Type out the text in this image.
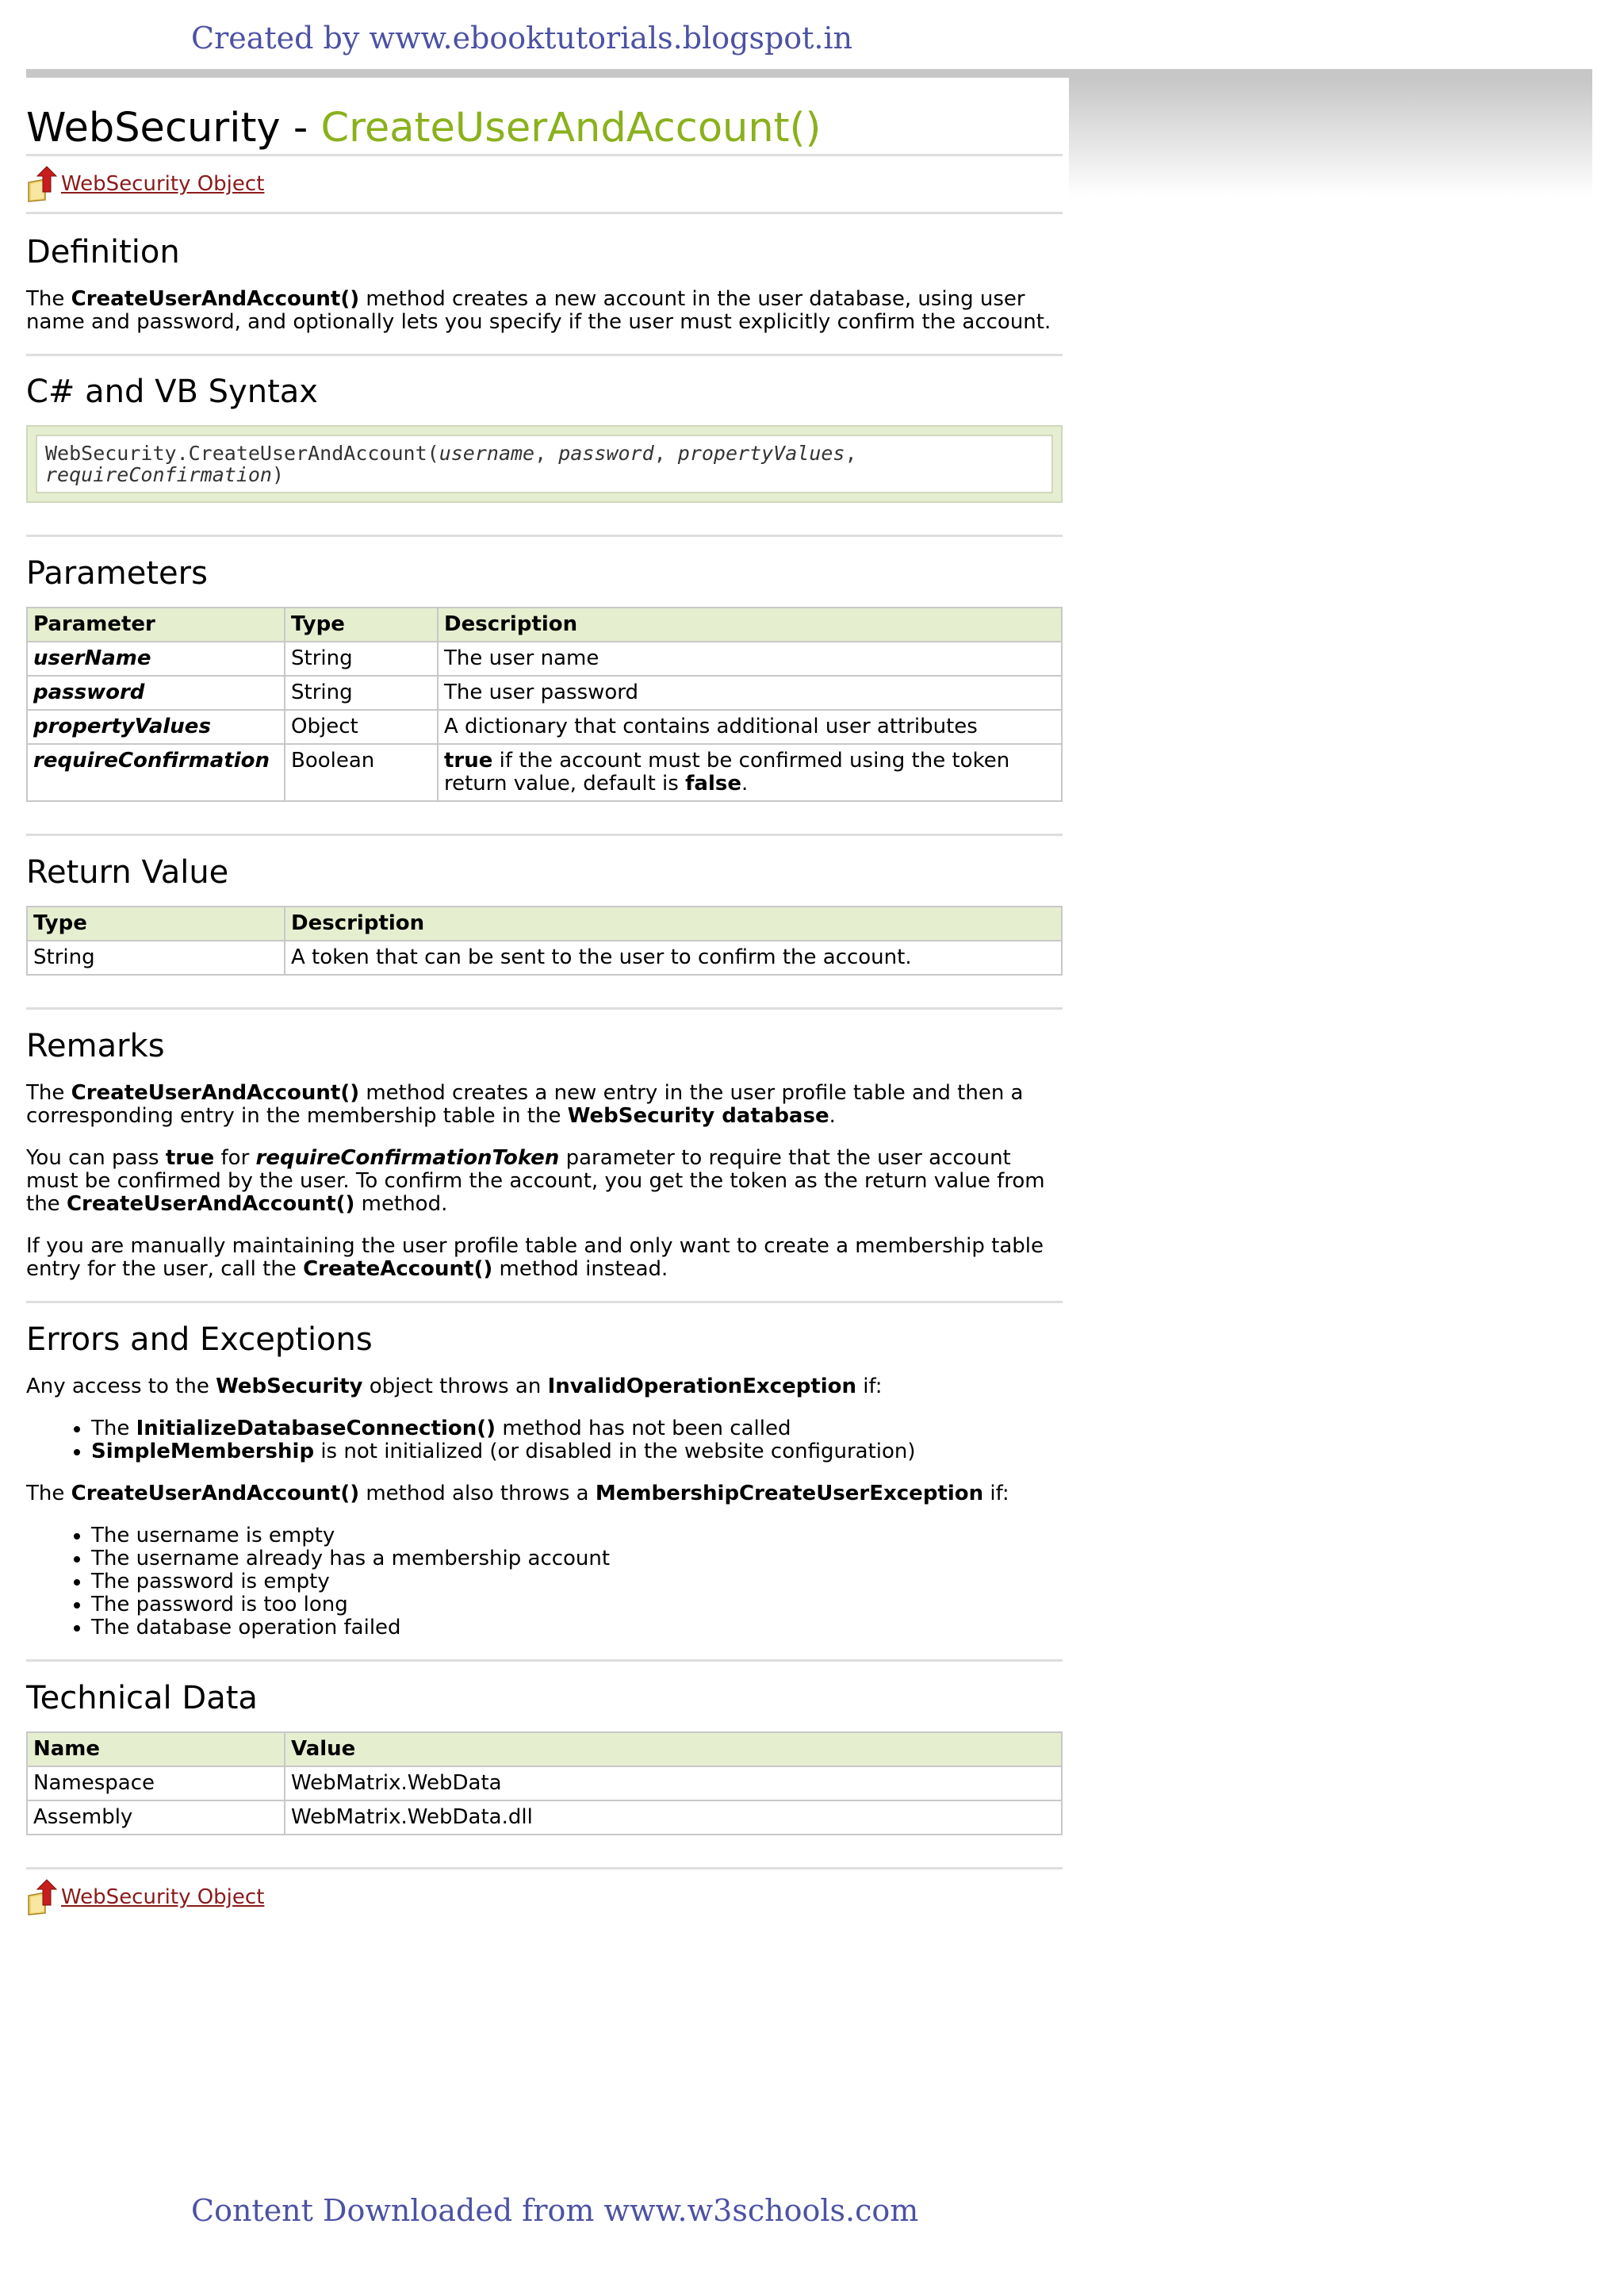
Created by www.ebooktutorials.blogspot.in
WebSecurity - CreateUserAndAccount()
WebSecurity Object
Definition

The CreateUserAndAccount() method creates a new account in the user database, using user name and password, and optionally lets you specify if the user must explicitly confirm the account.

C# and VB Syntax
WebSecurity.CreateUserAndAccount(username, password, propertyValues,
requireConfirmation)
Parameters
Parameter	Type	Description
userName	String	The user name
password	String	The user password
propertyValues	Object	A dictionary that contains additional user attributes
requireConfirmation	Boolean	true if the account must be confirmed using the token return value, default is false.
Return Value
Type	Description
String	A token that can be sent to the user to confirm the account.
Remarks

The CreateUserAndAccount() method creates a new entry in the user profile table and then a corresponding entry in the membership table in the WebSecurity database.

You can pass true for requireConfirmationToken parameter to require that the user account must be confirmed by the user. To confirm the account, you get the token as the return value from the CreateUserAndAccount() method.

If you are manually maintaining the user profile table and only want to create a membership table entry for the user, call the CreateAccount() method instead.

Errors and Exceptions

Any access to the WebSecurity object throws an InvalidOperationException if:

• The InitializeDatabaseConnection() method has not been called
• SimpleMembership is not initialized (or disabled in the website configuration)

The CreateUserAndAccount() method also throws a MembershipCreateUserException if:

• The username is empty
• The username already has a membership account
• The password is empty
• The password is too long
• The database operation failed
Technical Data
Name	Value
Namespace	WebMatrix.WebData
Assembly	WebMatrix.WebData.dll
WebSecurity Object
Content Downloaded from www.w3schools.com
